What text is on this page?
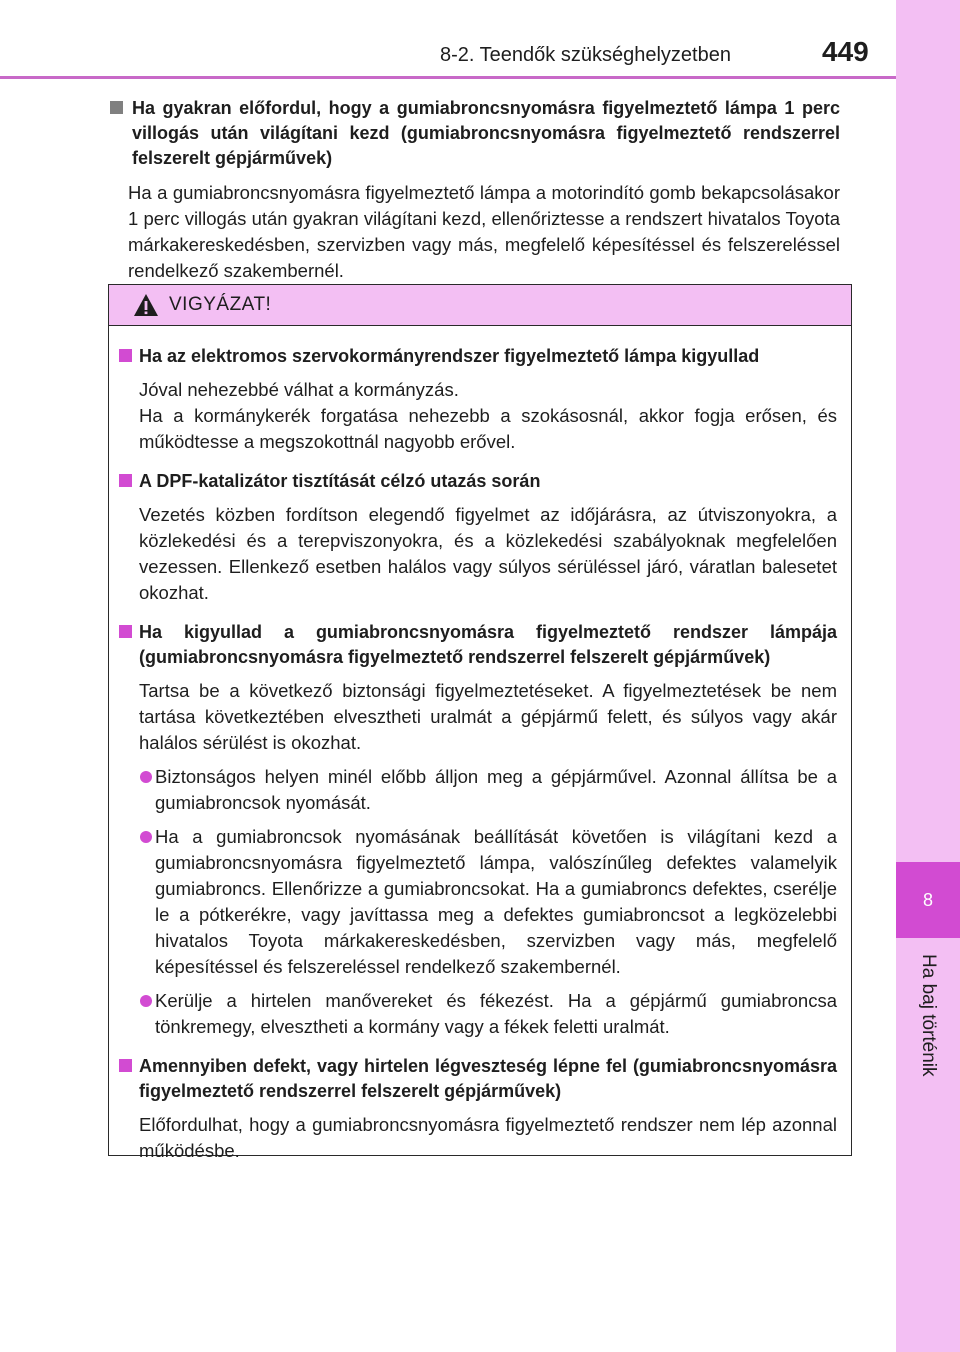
8
Ha baj történik
8-2. Teendők szükséghelyzetben	449

Ha gyakran előfordul, hogy a gumiabroncsnyomásra figyelmeztető lámpa 1 perc villogás után világítani kezd (gumiabroncsnyomásra figyelmeztető rendszerrel felszerelt gépjárművek)

Ha a gumiabroncsnyomásra figyelmeztető lámpa a motorindító gomb bekapcsolásakor 1 perc villogás után gyakran világítani kezd, ellenőriztesse a rendszert hivatalos Toyota márkakereskedésben, szervizben vagy más, megfelelő képesítéssel és felszereléssel rendelkező szakembernél.

VIGYÁZAT!

Ha az elektromos szervokormányrendszer figyelmeztető lámpa kigyullad

Jóval nehezebbé válhat a kormányzás.
Ha a kormánykerék forgatása nehezebb a szokásosnál, akkor fogja erősen, és működtesse a megszokottnál nagyobb erővel.

A DPF-katalizátor tisztítását célzó utazás során

Vezetés közben fordítson elegendő figyelmet az időjárásra, az útviszonyokra, a közlekedési és a terepviszonyokra, és a közlekedési szabályoknak megfelelően vezessen. Ellenkező esetben halálos vagy súlyos sérüléssel járó, váratlan balesetet okozhat.

Ha kigyullad a gumiabroncsnyomásra figyelmeztető rendszer lámpája (gumiabroncsnyomásra figyelmeztető rendszerrel felszerelt gépjárművek)

Tartsa be a következő biztonsági figyelmeztetéseket. A figyelmeztetések be nem tartása következtében elvesztheti uralmát a gépjármű felett, és súlyos vagy akár halálos sérülést is okozhat.

Biztonságos helyen minél előbb álljon meg a gépjárművel. Azonnal állítsa be a gumiabroncsok nyomását.
Ha a gumiabroncsok nyomásának beállítását követően is világítani kezd a gumiabroncsnyomásra figyelmeztető lámpa, valószínűleg defektes valamelyik gumiabroncs. Ellenőrizze a gumiabroncsokat. Ha a gumiabroncs defektes, cserélje le a pótkerékre, vagy javíttassa meg a defektes gumiabroncsot a legközelebbi hivatalos Toyota márkakereskedésben, szervizben vagy más, megfelelő képesítéssel és felszereléssel rendelkező szakembernél.
Kerülje a hirtelen manővereket és fékezést. Ha a gépjármű gumiabroncsa tönkremegy, elvesztheti a kormány vagy a fékek feletti uralmát.

Amennyiben defekt, vagy hirtelen légveszteség lépne fel (gumiabroncsnyomásra figyelmeztető rendszerrel felszerelt gépjárművek)

Előfordulhat, hogy a gumiabroncsnyomásra figyelmeztető rendszer nem lép azonnal működésbe.
